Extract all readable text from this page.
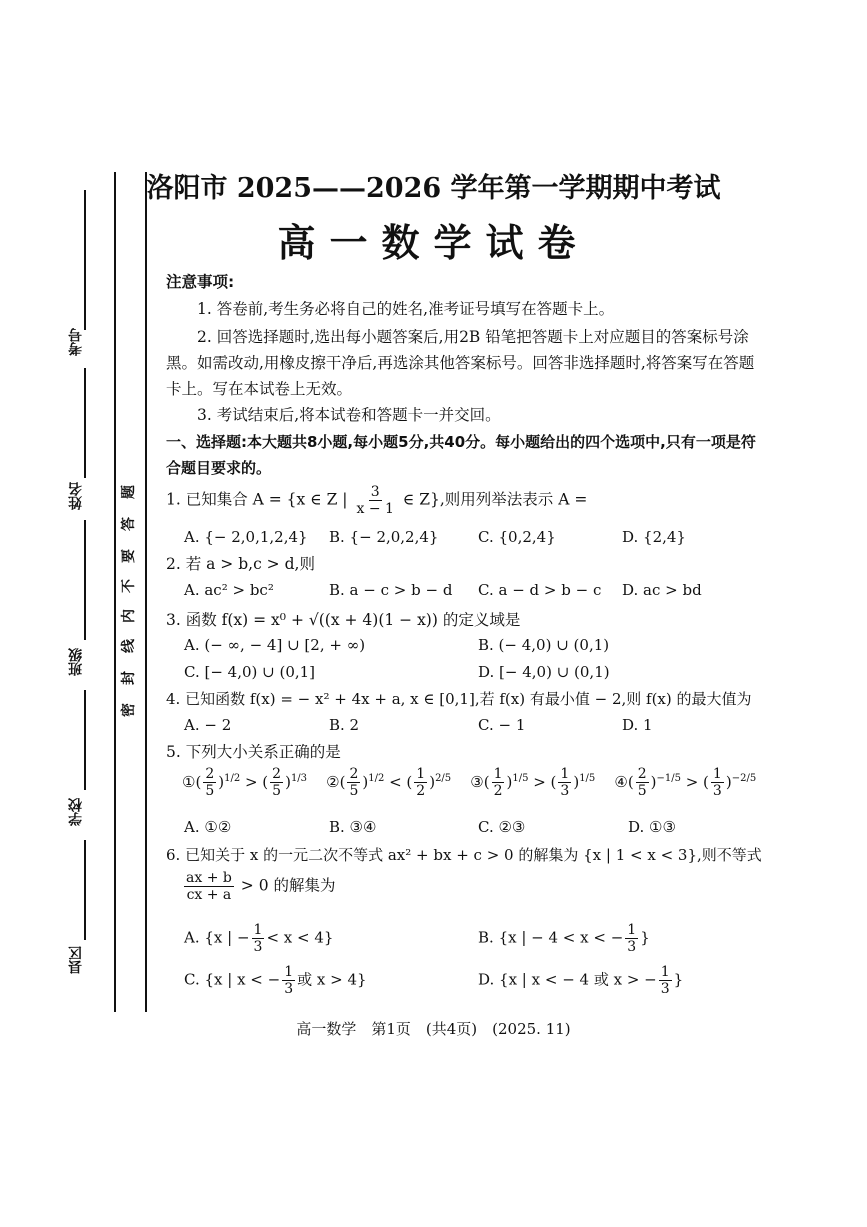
考号
姓名
班级
学校
县区
密
封
线
内
不
要
答
题
洛阳市 2025——2026 学年第一学期期中考试
高一数学试卷
注意事项:
1. 答卷前,考生务必将自己的姓名,准考证号填写在答题卡上。
2. 回答选择题时,选出每小题答案后,用2B 铅笔把答题卡上对应题目的答案标号涂
黑。如需改动,用橡皮擦干净后,再选涂其他答案标号。回答非选择题时,将答案写在答题
卡上。写在本试卷上无效。
3. 考试结束后,将本试卷和答题卡一并交回。
一、选择题:本大题共8小题,每小题5分,共40分。每小题给出的四个选项中,只有一项是符
合题目要求的。
1. 已知集合 A = {x ∈ Z | $\frac{3}{x - 1}$ ∈ Z},则用列举法表示 A =
A. {− 2,0,1,2,4} B. {− 2,0,2,4}	C. {0,2,4}	D. {2,4}
2. 若 a > b,c > d,则
A. ac² > bc²	B. a − c > b − d C. a − d > b − c D. ac > bd
3. 函数 f(x) = x⁰ + √((x + 4)(1 − x)) 的定义域是
A. (− ∞, − 4] ∪ [2, + ∞)	B. (− 4,0) ∪ (0,1)
C. [− 4,0) ∪ (0,1]	D. [− 4,0) ∪ (0,1)
4. 已知函数 f(x) = − x² + 4x + a, x ∈ [0,1],若 f(x) 有最小值 − 2,则 f(x) 的最大值为
A. − 2	B. 2	C. − 1	D. 1
5. 下列大小关系正确的是
①( $\frac{2}{5} )^{1/2}$ > ( $\frac{2}{5} )^{1/3}$ ②( $\frac{2}{5} )^{1/2}$ < ( $\frac{1}{2} )^{2/5}$ ③( $\frac{1}{2} )^{1/5}$ > ( $\frac{1}{3} )^{1/5}$ ④( $\frac{2}{5} )^{-1/5}$ > ( $\frac{1}{3} )^{-2/5}$
A. ①②	B. ③④	C. ②③	D. ①③
6. 已知关于 x 的一元二次不等式 ax² + bx + c > 0 的解集为 {x | 1 < x < 3},则不等式
$\frac{ax + b}{cx + a} > 0$ 的解集为
A. {x | − $\frac{1}{3} < x < 4$}	B. {x | − 4 < x < − $\frac{1}{3}$ }
C. {x | x < − $\frac{1}{3}$ 或 x > 4}	D. {x | x < − 4 或 x > − $\frac{1}{3}$ }
高一数学　第1页　(共4页)　(2025. 11)
